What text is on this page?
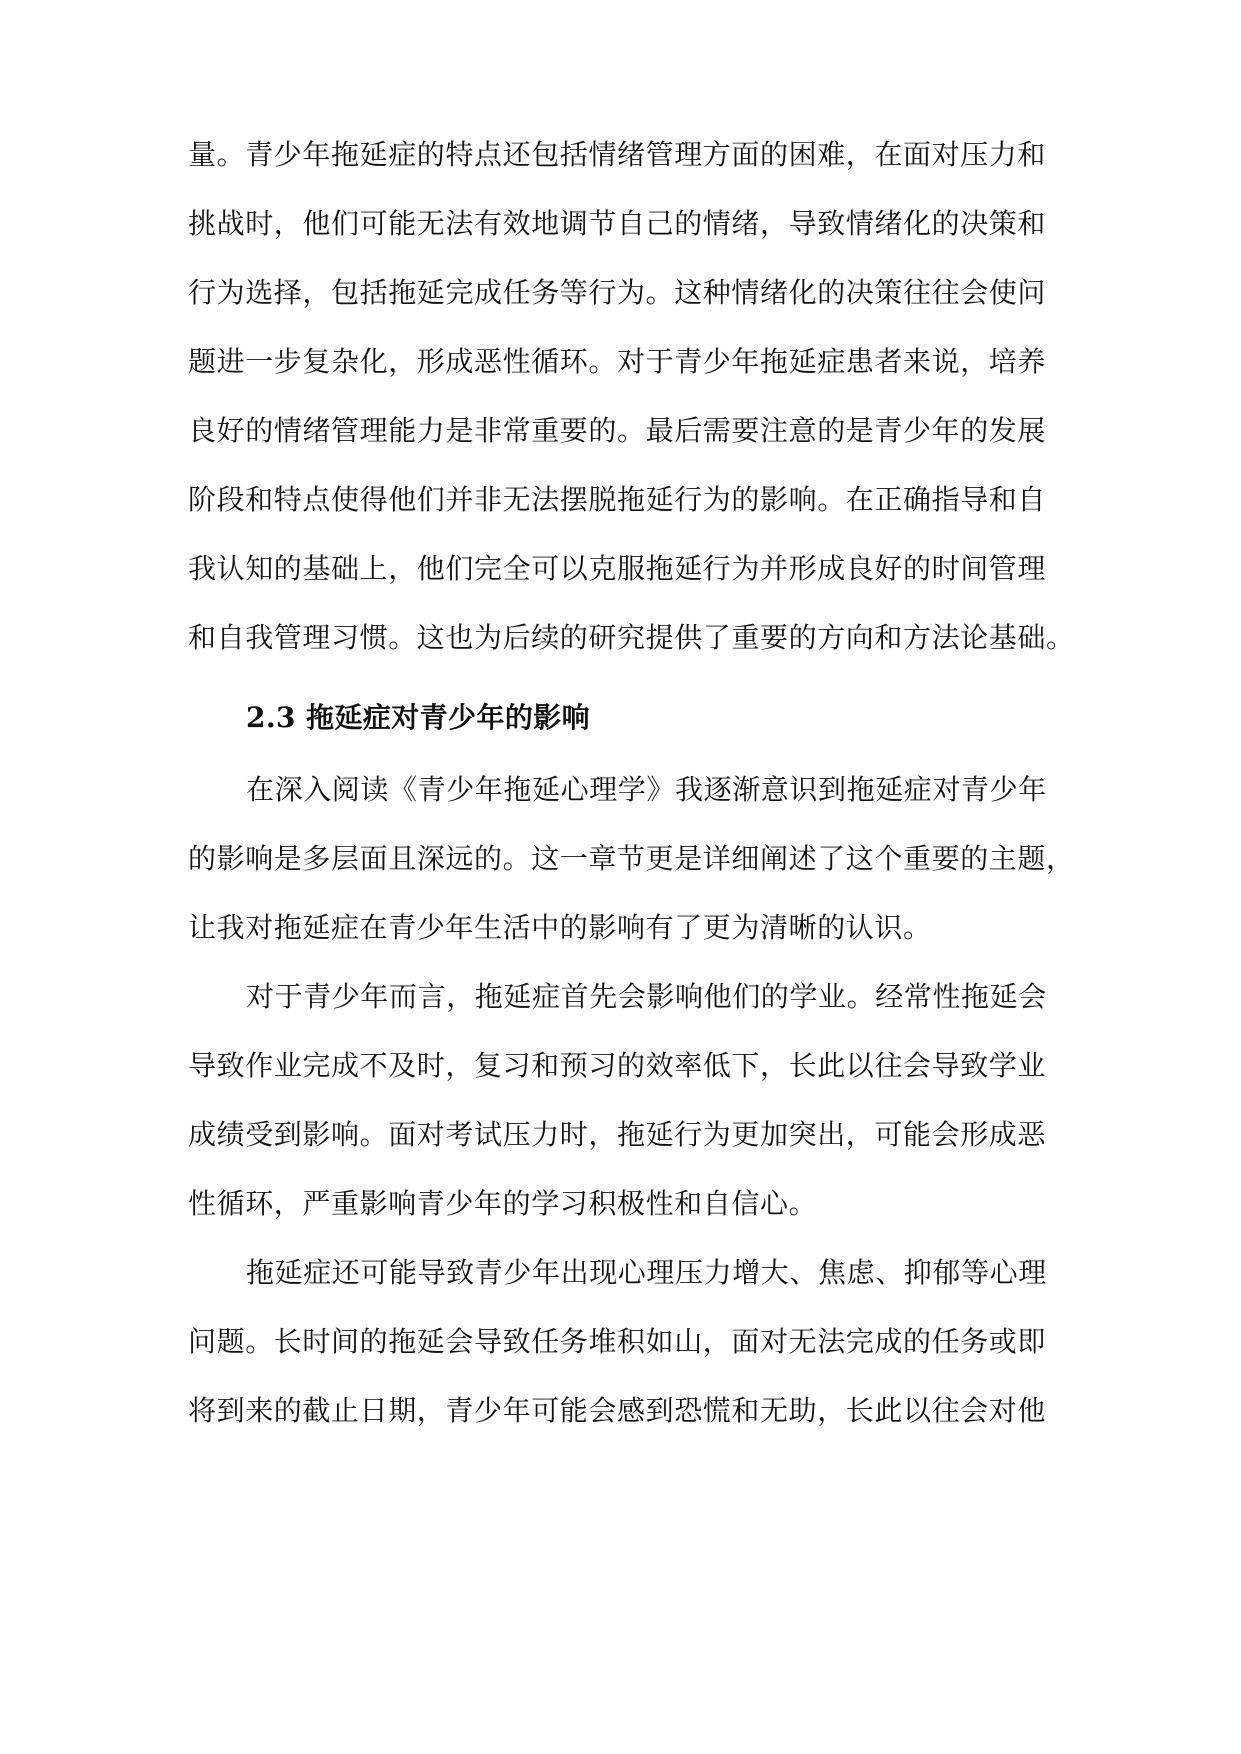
量。青少年拖延症的特点还包括情绪管理方面的困难，在面对压力和
挑战时，他们可能无法有效地调节自己的情绪，导致情绪化的决策和
行为选择，包括拖延完成任务等行为。这种情绪化的决策往往会使问
题进一步复杂化，形成恶性循环。对于青少年拖延症患者来说，培养
良好的情绪管理能力是非常重要的。最后需要注意的是青少年的发展
阶段和特点使得他们并非无法摆脱拖延行为的影响。在正确指导和自
我认知的基础上，他们完全可以克服拖延行为并形成良好的时间管理
和自我管理习惯。这也为后续的研究提供了重要的方向和方法论基础。
2.3 拖延症对青少年的影响
在深入阅读《青少年拖延心理学》我逐渐意识到拖延症对青少年
的影响是多层面且深远的。这一章节更是详细阐述了这个重要的主题，
让我对拖延症在青少年生活中的影响有了更为清晰的认识。
对于青少年而言，拖延症首先会影响他们的学业。经常性拖延会
导致作业完成不及时，复习和预习的效率低下，长此以往会导致学业
成绩受到影响。面对考试压力时，拖延行为更加突出，可能会形成恶
性循环，严重影响青少年的学习积极性和自信心。
拖延症还可能导致青少年出现心理压力增大、焦虑、抑郁等心理
问题。长时间的拖延会导致任务堆积如山，面对无法完成的任务或即
将到来的截止日期，青少年可能会感到恐慌和无助，长此以往会对他
